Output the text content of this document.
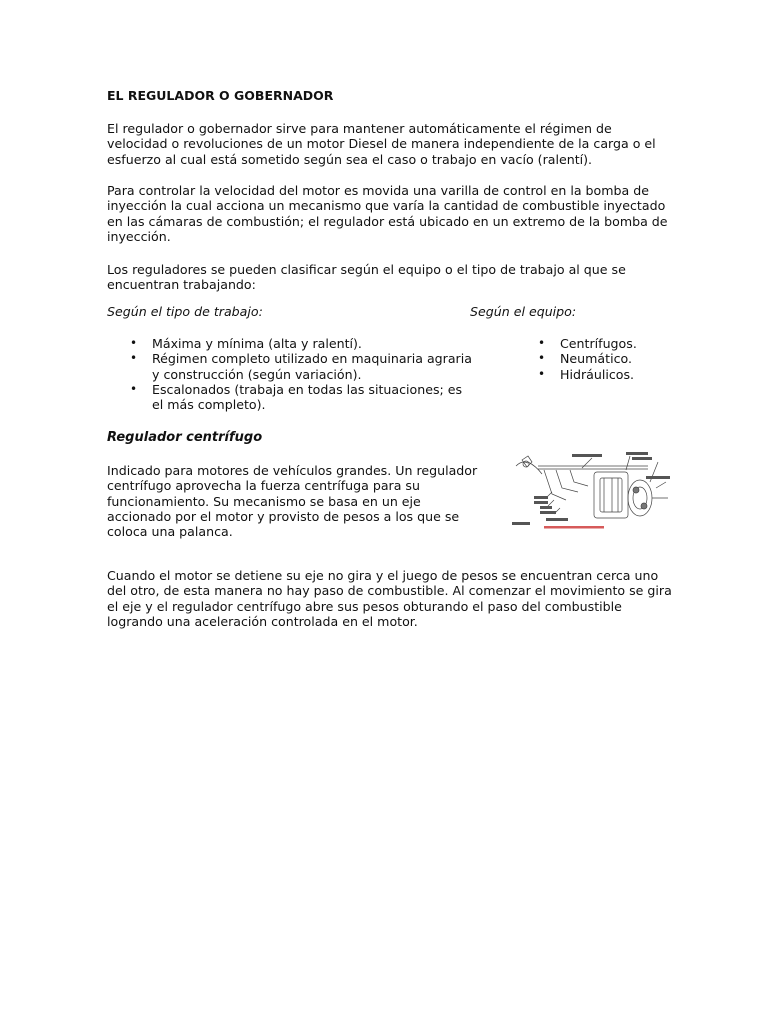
EL REGULADOR O GOBERNADOR

El regulador o gobernador sirve para mantener automáticamente el régimen de velocidad o revoluciones de un motor Diesel de manera independiente de la carga o el esfuerzo al cual está sometido según sea el caso o trabajo en vacío (ralentí).

Para controlar la velocidad del motor es movida una varilla de control en la bomba de inyección la cual acciona un mecanismo que varía la cantidad de combustible inyectado en las cámaras de combustión; el regulador está ubicado en un extremo de la bomba de inyección.

Los reguladores se pueden clasificar según el equipo o el tipo de trabajo al que se encuentran trabajando:

Según el tipo de trabajo:	Según el equipo:

• Máxima y mínima (alta y ralentí).
• Régimen completo utilizado en maquinaria agraria y construcción (según variación).
• Escalonados (trabaja en todas las situaciones; es el más completo).
• Centrífugos.
• Neumático.
• Hidráulicos.
Regulador centrífugo

Indicado para motores de vehículos grandes. Un regulador centrífugo aprovecha la fuerza centrífuga para su funcionamiento. Su mecanismo se basa en un eje accionado por el motor y provisto de pesos a los que se coloca una palanca.

Cuando el motor se detiene su eje no gira y el juego de pesos se encuentran cerca uno del otro, de esta manera no hay paso de combustible. Al comenzar el movimiento se gira el eje y el regulador centrífugo abre sus pesos obturando el paso del combustible logrando una aceleración controlada en el motor.
